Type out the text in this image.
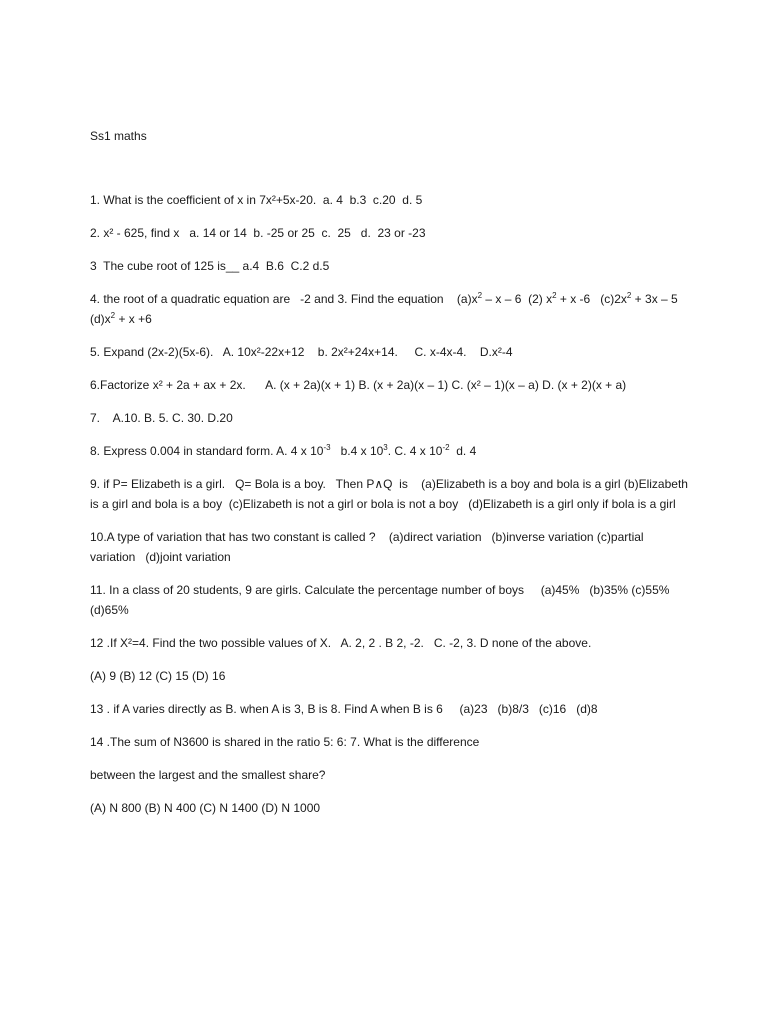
Ss1 maths

1. What is the coefficient of x in 7x²+5x-20.  a. 4  b.3  c.20  d. 5

2. x² - 625, find x   a. 14 or 14  b. -25 or 25  c.  25   d.  23 or -23

3  The cube root of 125 is__ a.4  B.6  C.2 d.5

4. the root of a quadratic equation are   -2 and 3. Find the equation    $(a)x^2$ – x – 6  (2) $x^2 + x$ -6   $(c)2x^2 + 3x - 5$   $(d)x^2 + x +6$

5. Expand (2x-2)(5x-6).   A. 10x²-22x+12    b. 2x²+24x+14.     C. x-4x-4.    D.x²-4

6.Factorize x² + 2a + ax + 2x.      A. (x + 2a)(x + 1) B. (x + 2a)(x – 1) C. (x² – 1)(x – a) D. (x + 2)(x + a)

7.    A.10. B. 5. C. 30. D.20

8. Express 0.004 in standard form. A. 4 x $10^{-3}$   b.4 x $10^3$. C. 4 x $10^{-2}$  d. 4

9. if P= Elizabeth is a girl.   Q= Bola is a boy.   Then P∧Q  is    (a)Elizabeth is a boy and bola is a girl (b)Elizabeth is a girl and bola is a boy  (c)Elizabeth is not a girl or bola is not a boy   (d)Elizabeth is a girl only if bola is a girl

10.A type of variation that has two constant is called ?    (a)direct variation   (b)inverse variation (c)partial variation   (d)joint variation

11. In a class of 20 students, 9 are girls. Calculate the percentage number of boys     (a)45%   (b)35% (c)55%    (d)65%

12 .If X²=4. Find the two possible values of X.   A. 2, 2 . B 2, -2.   C. -2, 3. D none of the above.

(A) 9 (B) 12 (C) 15 (D) 16

13 . if A varies directly as B. when A is 3, B is 8. Find A when B is 6     (a)23   (b)8/3   (c)16   (d)8

14 .The sum of N3600 is shared in the ratio 5: 6: 7. What is the difference

between the largest and the smallest share?

(A) N 800 (B) N 400 (C) N 1400 (D) N 1000
